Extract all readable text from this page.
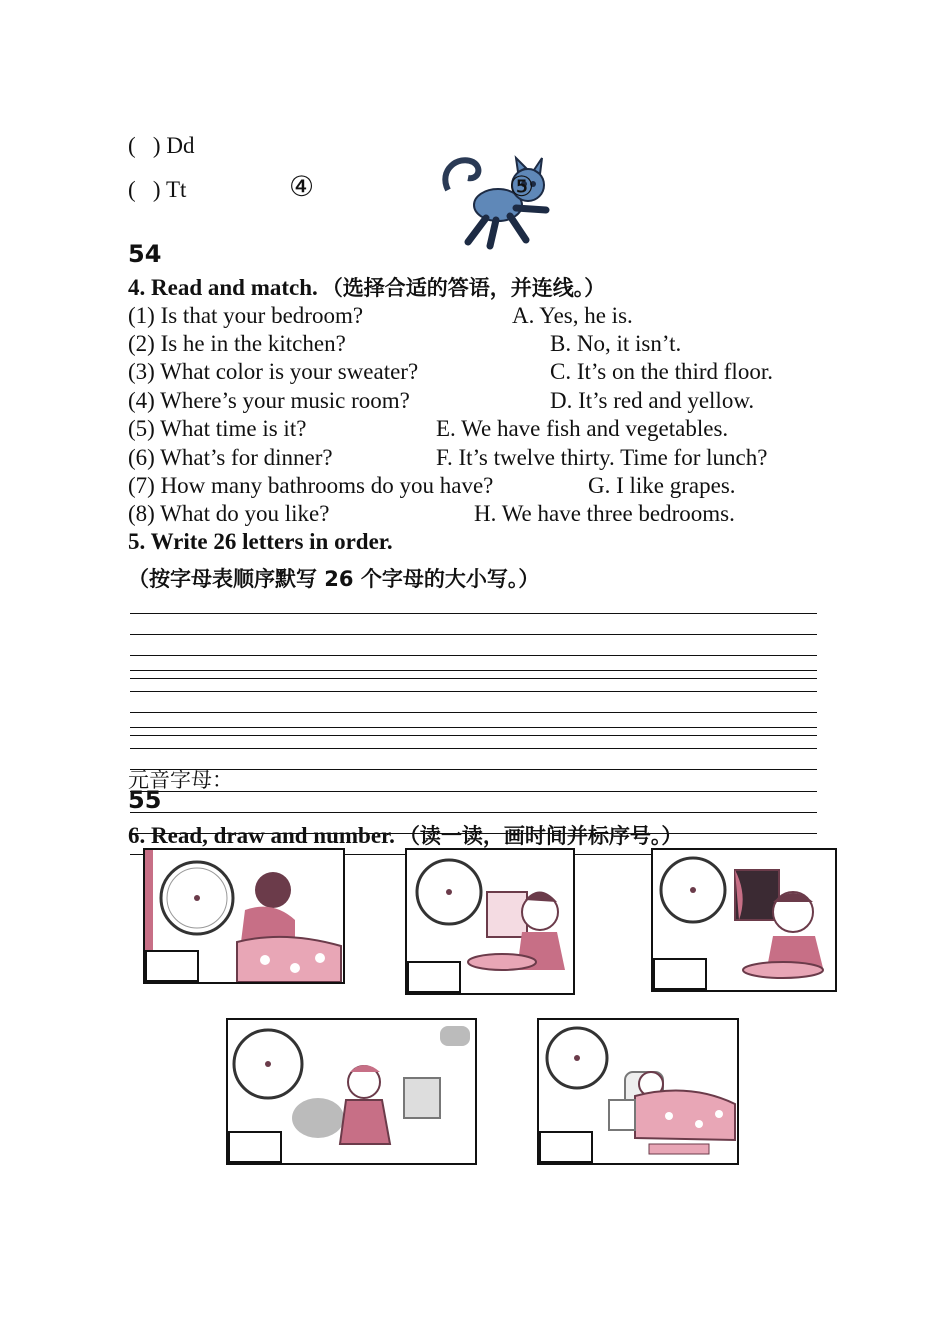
( ) Dd
( ) Tt	④	⑤
54
4. Read and match. （选择合适的答语，并连线。）
(1) Is that your bedroom?
(2) Is he in the kitchen?
(3) What color is your sweater?
(4) Where’s your music room?
(5) What time is it?
(6) What’s for dinner?
(7) How many bathrooms do you have?
(8) What do you like?
A. Yes, he is.
B. No, it isn’t.
C. It’s on the third floor.
D. It’s red and yellow.
E. We have fish and vegetables.
F. It’s twelve thirty. Time for lunch?
G. I like grapes.
H. We have three bedrooms.
5. Write 26 letters in order.
（按字母表顺序默写 26 个字母的大小写。）
元音字母：
55
6. Read, draw and number. （读一读，画时间并标序号。）
